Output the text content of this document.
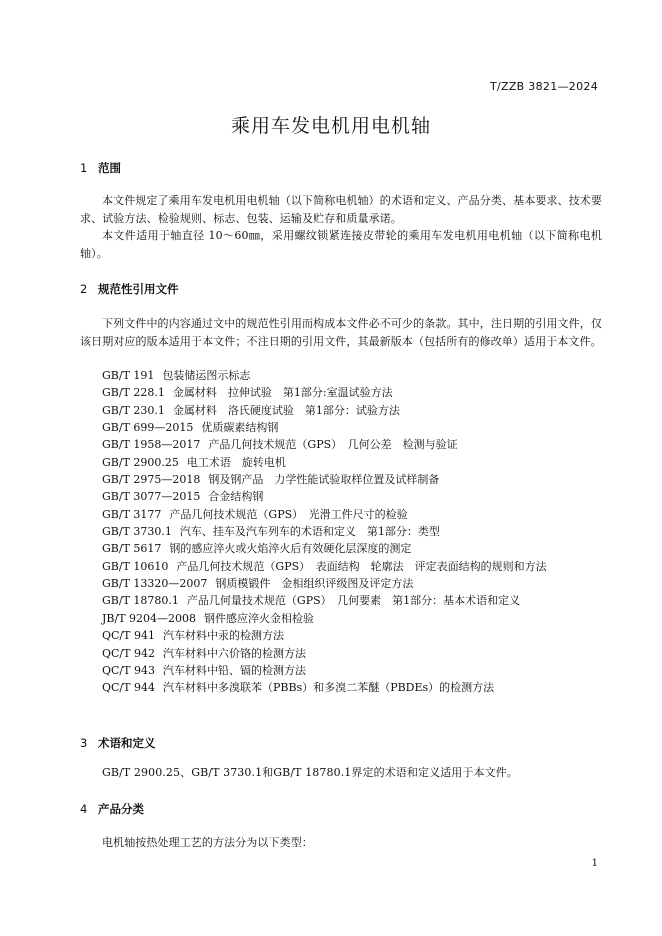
T/ZZB 3821—2024
乘用车发电机用电机轴
1 范围
本文件规定了乘用车发电机用电机轴（以下简称电机轴）的术语和定义、产品分类、基本要求、技术要求、试验方法、检验规则、标志、包装、运输及贮存和质量承诺。
本文件适用于轴直径 10～60㎜，采用螺纹锁紧连接皮带轮的乘用车发电机用电机轴（以下简称电机轴）。
2 规范性引用文件
下列文件中的内容通过文中的规范性引用而构成本文件必不可少的条款。其中，注日期的引用文件，仅该日期对应的版本适用于本文件；不注日期的引用文件，其最新版本（包括所有的修改单）适用于本文件。
GB/T 191 包装储运图示标志
GB/T 228.1 金属材料　拉伸试验　第1部分:室温试验方法
GB/T 230.1 金属材料　洛氏硬度试验　第1部分：试验方法
GB/T 699—2015 优质碳素结构钢
GB/T 1958—2017 产品几何技术规范（GPS）　几何公差　检测与验证
GB/T 2900.25 电工术语　旋转电机
GB/T 2975—2018 钢及钢产品　力学性能试验取样位置及试样制备
GB/T 3077—2015 合金结构钢
GB/T 3177 产品几何技术规范（GPS）　光滑工件尺寸的检验
GB/T 3730.1 汽车、挂车及汽车列车的术语和定义　第1部分：类型
GB/T 5617 钢的感应淬火或火焰淬火后有效硬化层深度的测定
GB/T 10610 产品几何技术规范（GPS）　表面结构　轮廓法　评定表面结构的规则和方法
GB/T 13320—2007 钢质模锻件　金相组织评级图及评定方法
GB/T 18780.1 产品几何量技术规范（GPS）　几何要素　第1部分：基本术语和定义
JB/T 9204—2008 钢件感应淬火金相检验
QC/T 941 汽车材料中汞的检测方法
QC/T 942 汽车材料中六价铬的检测方法
QC/T 943 汽车材料中铅、镉的检测方法
QC/T 944 汽车材料中多溴联苯（PBBs）和多溴二苯醚（PBDEs）的检测方法
3 术语和定义
GB/T 2900.25、GB/T 3730.1和GB/T 18780.1界定的术语和定义适用于本文件。
4 产品分类
电机轴按热处理工艺的方法分为以下类型：
1
